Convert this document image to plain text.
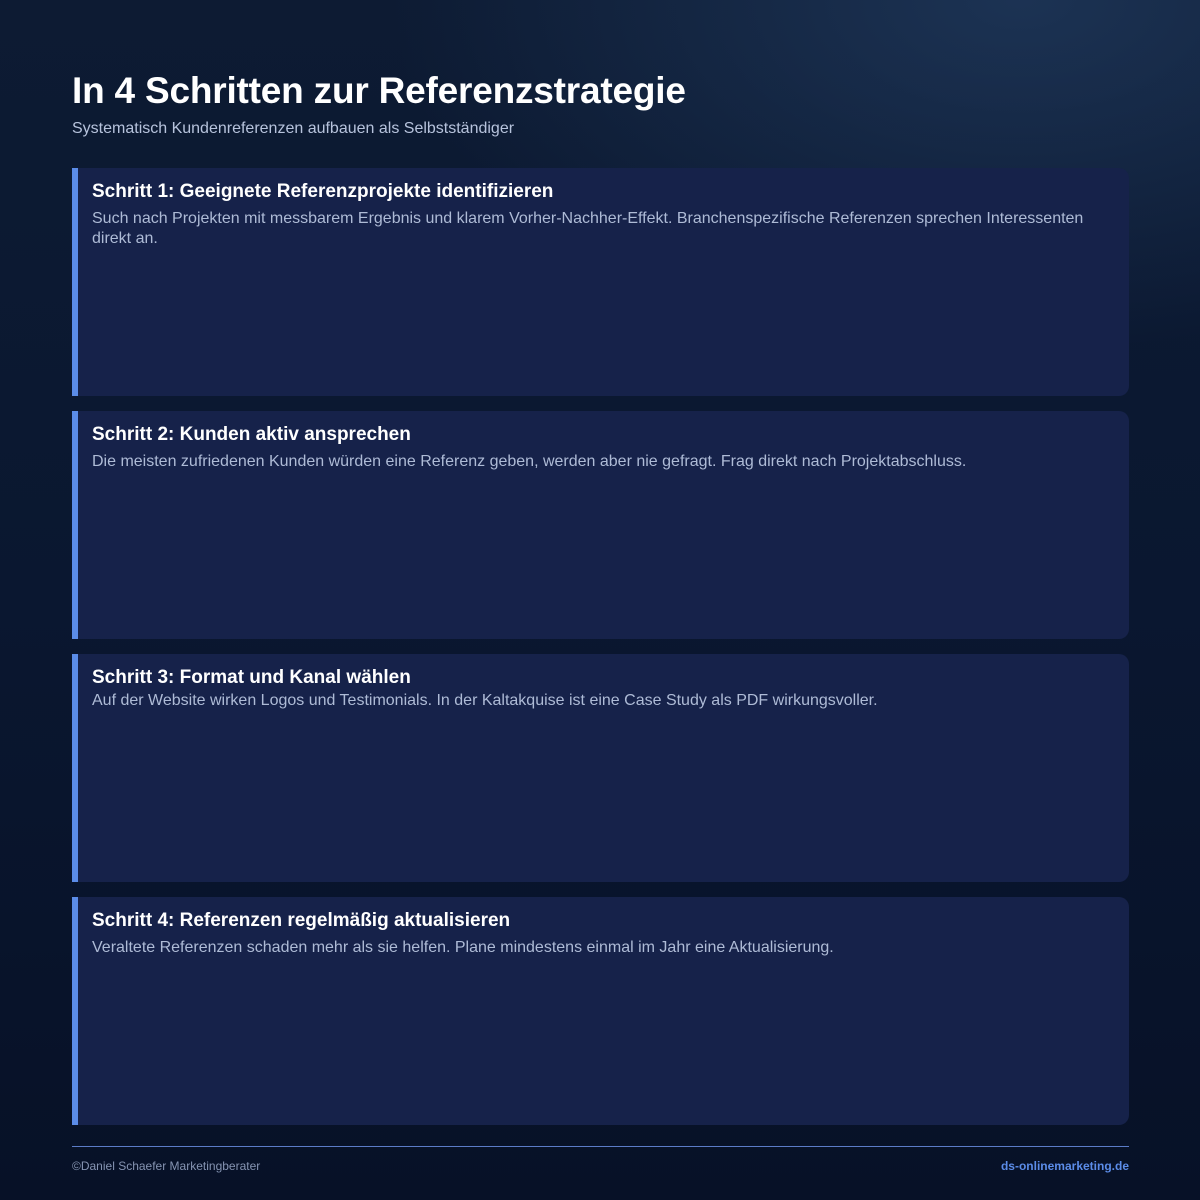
In 4 Schritten zur Referenzstrategie
Systematisch Kundenreferenzen aufbauen als Selbstständiger
Schritt 1: Geeignete Referenzprojekte identifizieren
Such nach Projekten mit messbarem Ergebnis und klarem Vorher-Nachher-Effekt. Branchenspezifische Referenzen sprechen Interessenten direkt an.
Schritt 2: Kunden aktiv ansprechen
Die meisten zufriedenen Kunden würden eine Referenz geben, werden aber nie gefragt. Frag direkt nach Projektabschluss.
Schritt 3: Format und Kanal wählen
Auf der Website wirken Logos und Testimonials. In der Kaltakquise ist eine Case Study als PDF wirkungsvoller.
Schritt 4: Referenzen regelmäßig aktualisieren
Veraltete Referenzen schaden mehr als sie helfen. Plane mindestens einmal im Jahr eine Aktualisierung.
©Daniel Schaefer Marketingberater	ds-onlinemarketing.de
